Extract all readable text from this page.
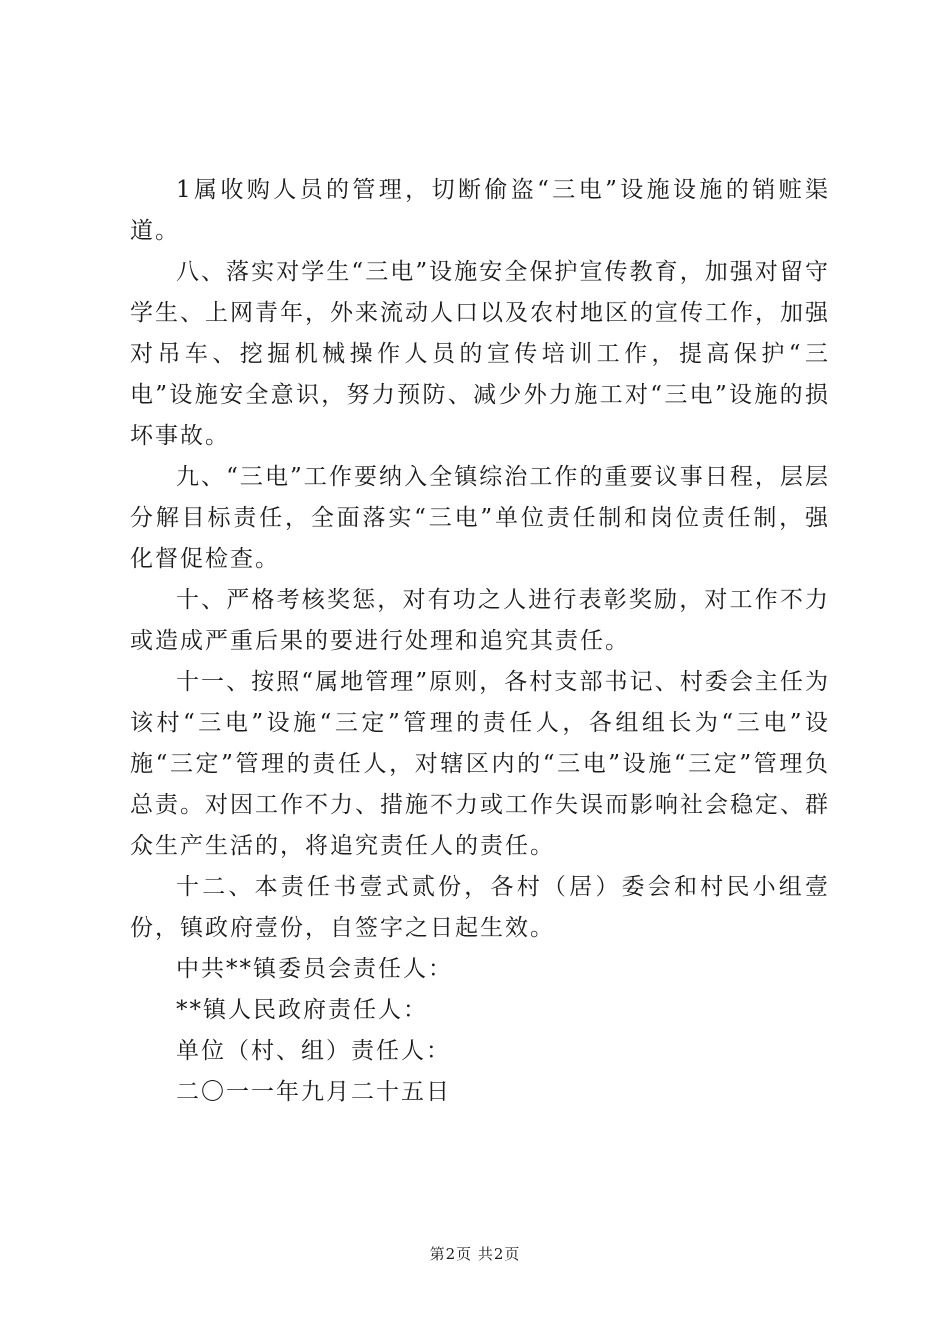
1属收购人员的管理，切断偷盗“三电”设施设施的销赃渠道。

八、落实对学生“三电”设施安全保护宣传教育，加强对留守学生、上网青年，外来流动人口以及农村地区的宣传工作，加强对吊车、挖掘机械操作人员的宣传培训工作，提高保护“三电”设施安全意识，努力预防、减少外力施工对“三电”设施的损坏事故。

九、“三电”工作要纳入全镇综治工作的重要议事日程，层层分解目标责任，全面落实“三电”单位责任制和岗位责任制，强化督促检查。

十、严格考核奖惩，对有功之人进行表彰奖励，对工作不力或造成严重后果的要进行处理和追究其责任。

十一、按照“属地管理”原则，各村支部书记、村委会主任为该村“三电”设施“三定”管理的责任人，各组组长为“三电”设施“三定”管理的责任人，对辖区内的“三电”设施“三定”管理负总责。对因工作不力、措施不力或工作失误而影响社会稳定、群众生产生活的，将追究责任人的责任。

十二、本责任书壹式贰份，各村（居）委会和村民小组壹份，镇政府壹份，自签字之日起生效。

中共**镇委员会责任人：

**镇人民政府责任人：

单位（村、组）责任人：

二〇一一年九月二十五日

第2页 共2页
